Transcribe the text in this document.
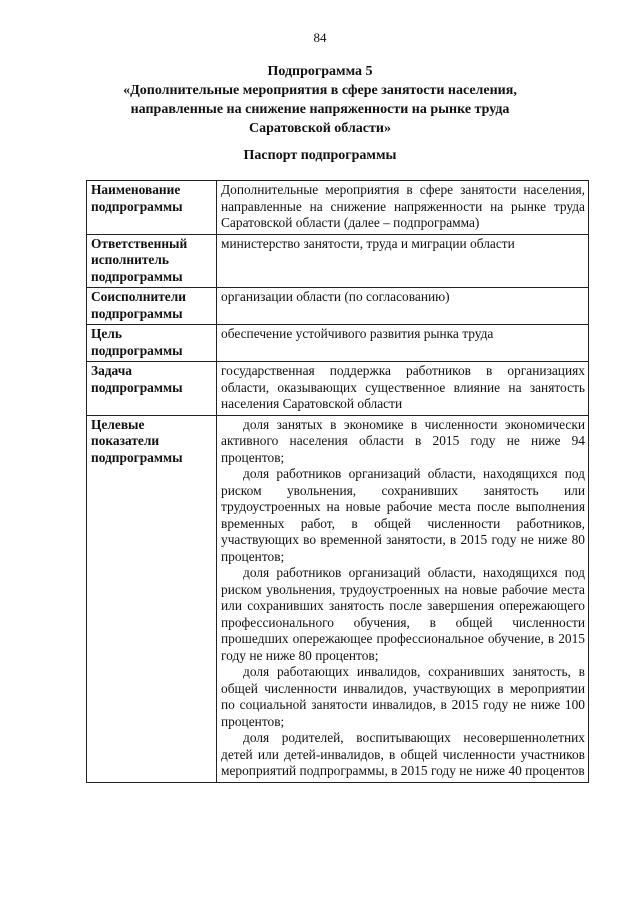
84
Подпрограмма 5
«Дополнительные мероприятия в сфере занятости населения,
направленные на снижение напряженности на рынке труда
Саратовской области»
Паспорт подпрограммы
Наименование подпрограммы	Дополнительные мероприятия в сфере занятости населения, направленные на снижение напряженности на рынке труда Саратовской области (далее – подпрограмма)
Ответственный исполнитель подпрограммы	министерство занятости, труда и миграции области
Соисполнители подпрограммы	организации области (по согласованию)
Цель подпрограммы	обеспечение устойчивого развития рынка труда
Задача подпрограммы	государственная поддержка работников в организациях области, оказывающих существенное влияние на занятость населения Саратовской области
Целевые показатели подпрограммы	доля занятых в экономике в численности экономически активного населения области в 2015 году не ниже 94 процентов;
доля работников организаций области, находящихся под риском увольнения, сохранивших занятость или трудоустроенных на новые рабочие места после выполнения временных работ, в общей численности работников, участвующих во временной занятости, в 2015 году не ниже 80 процентов;
доля работников организаций области, находящихся под риском увольнения, трудоустроенных на новые рабочие места или сохранивших занятость после завершения опережающего профессионального обучения, в общей численности прошедших опережающее профессиональное обучение, в 2015 году не ниже 80 процентов;
доля работающих инвалидов, сохранивших занятость, в общей численности инвалидов, участвующих в мероприятии по социальной занятости инвалидов, в 2015 году не ниже 100 процентов;
доля родителей, воспитывающих несовершеннолетних детей или детей-инвалидов, в общей численности участников мероприятий подпрограммы, в 2015 году не ниже 40 процентов
